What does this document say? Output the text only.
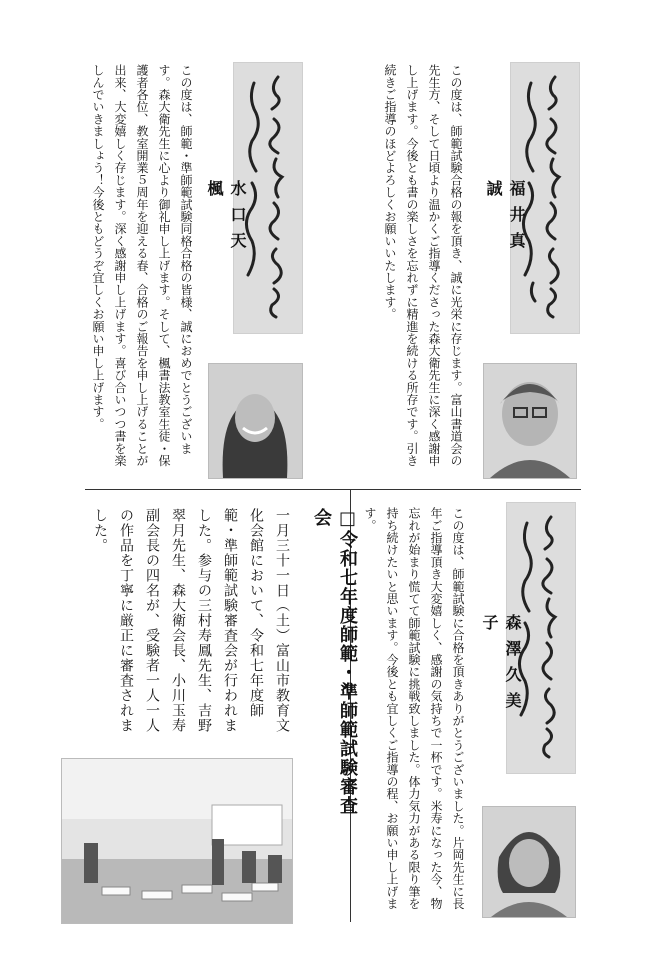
福井真誠
この度は、師範試験合格の報を頂き、誠に光栄に存じます。富山書道会の先生方、そして日頃より温かくご指導くださった森大衛先生に深く感謝申し上げます。今後とも書の楽しさを忘れずに精進を続ける所存です。引き続きご指導のほどよろしくお願いいたします。
水口天楓
この度は、師範・準師範試験同格合格の皆様、誠におめでとうございます。森大衛先生に心より御礼申し上げます。そして、楓書法教室生徒・保護者各位、教室開業５周年を迎える春、合格のご報告を申し上げることが出来、大変嬉しく存じます。深く感謝申し上げます。喜び合いつつ書を楽しんでいきましょう！今後ともどうぞ宜しくお願い申し上げます。
森澤久美子
この度は、師範試験に合格を頂きありがとうございました。片岡先生に長年ご指導頂き大変嬉しく、感謝の気持ちで一杯です。米寿になった今、物忘れが始まり慌てて師範試験に挑戦致しました。体力気力がある限り筆を持ち続けたいと思います。今後とも宜しくご指導の程、お願い申し上げます。
□令和七年度師範・準師範試験審査会
一月三十一日（土）富山市教育文化会館において、令和七年度師範・準師範試験審査会が行われました。参与の三村寿鳳先生、吉野翠月先生、森大衛会長、小川玉寿副会長の四名が、受験者一人一人の作品を丁寧に厳正に審査されました。
